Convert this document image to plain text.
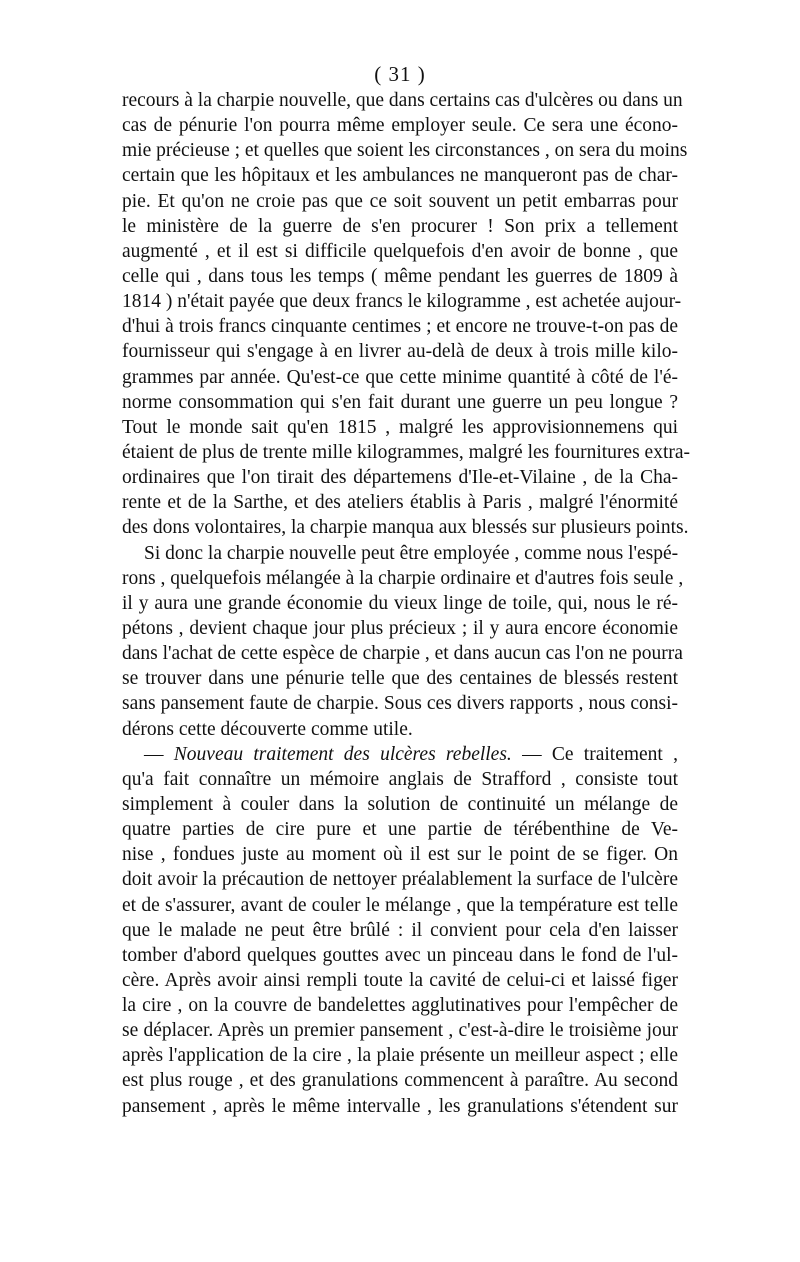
( 31 )
recours à la charpie nouvelle, que dans certains cas d'ulcères ou dans un
cas de pénurie l'on pourra même employer seule. Ce sera une écono-
mie précieuse ; et quelles que soient les circonstances , on sera du moins
certain que les hôpitaux et les ambulances ne manqueront pas de char-
pie. Et qu'on ne croie pas que ce soit souvent un petit embarras pour
le ministère de la guerre de s'en procurer ! Son prix a tellement
augmenté , et il est si difficile quelquefois d'en avoir de bonne , que
celle qui , dans tous les temps ( même pendant les guerres de 1809 à
1814 ) n'était payée que deux francs le kilogramme , est achetée aujour-
d'hui à trois francs cinquante centimes ; et encore ne trouve-t-on pas de
fournisseur qui s'engage à en livrer au-delà de deux à trois mille kilo-
grammes par année. Qu'est-ce que cette minime quantité à côté de l'é-
norme consommation qui s'en fait durant une guerre un peu longue ?
Tout le monde sait qu'en 1815 , malgré les approvisionnemens qui
étaient de plus de trente mille kilogrammes, malgré les fournitures extra-
ordinaires que l'on tirait des départemens d'Ile-et-Vilaine , de la Cha-
rente et de la Sarthe, et des ateliers établis à Paris , malgré l'énormité
des dons volontaires, la charpie manqua aux blessés sur plusieurs points.
Si donc la charpie nouvelle peut être employée , comme nous l'espé-
rons , quelquefois mélangée à la charpie ordinaire et d'autres fois seule ,
il y aura une grande économie du vieux linge de toile, qui, nous le ré-
pétons , devient chaque jour plus précieux ; il y aura encore économie
dans l'achat de cette espèce de charpie , et dans aucun cas l'on ne pourra
se trouver dans une pénurie telle que des centaines de blessés restent
sans pansement faute de charpie. Sous ces divers rapports , nous consi-
dérons cette découverte comme utile.
— Nouveau traitement des ulcères rebelles. — Ce traitement ,
qu'a fait connaître un mémoire anglais de Strafford , consiste tout
simplement à couler dans la solution de continuité un mélange de
quatre parties de cire pure et une partie de térébenthine de Ve-
nise , fondues juste au moment où il est sur le point de se figer. On
doit avoir la précaution de nettoyer préalablement la surface de l'ulcère
et de s'assurer, avant de couler le mélange , que la température est telle
que le malade ne peut être brûlé : il convient pour cela d'en laisser
tomber d'abord quelques gouttes avec un pinceau dans le fond de l'ul-
cère. Après avoir ainsi rempli toute la cavité de celui-ci et laissé figer
la cire , on la couvre de bandelettes agglutinatives pour l'empêcher de
se déplacer. Après un premier pansement , c'est-à-dire le troisième jour
après l'application de la cire , la plaie présente un meilleur aspect ; elle
est plus rouge , et des granulations commencent à paraître. Au second
pansement , après le même intervalle , les granulations s'étendent sur
